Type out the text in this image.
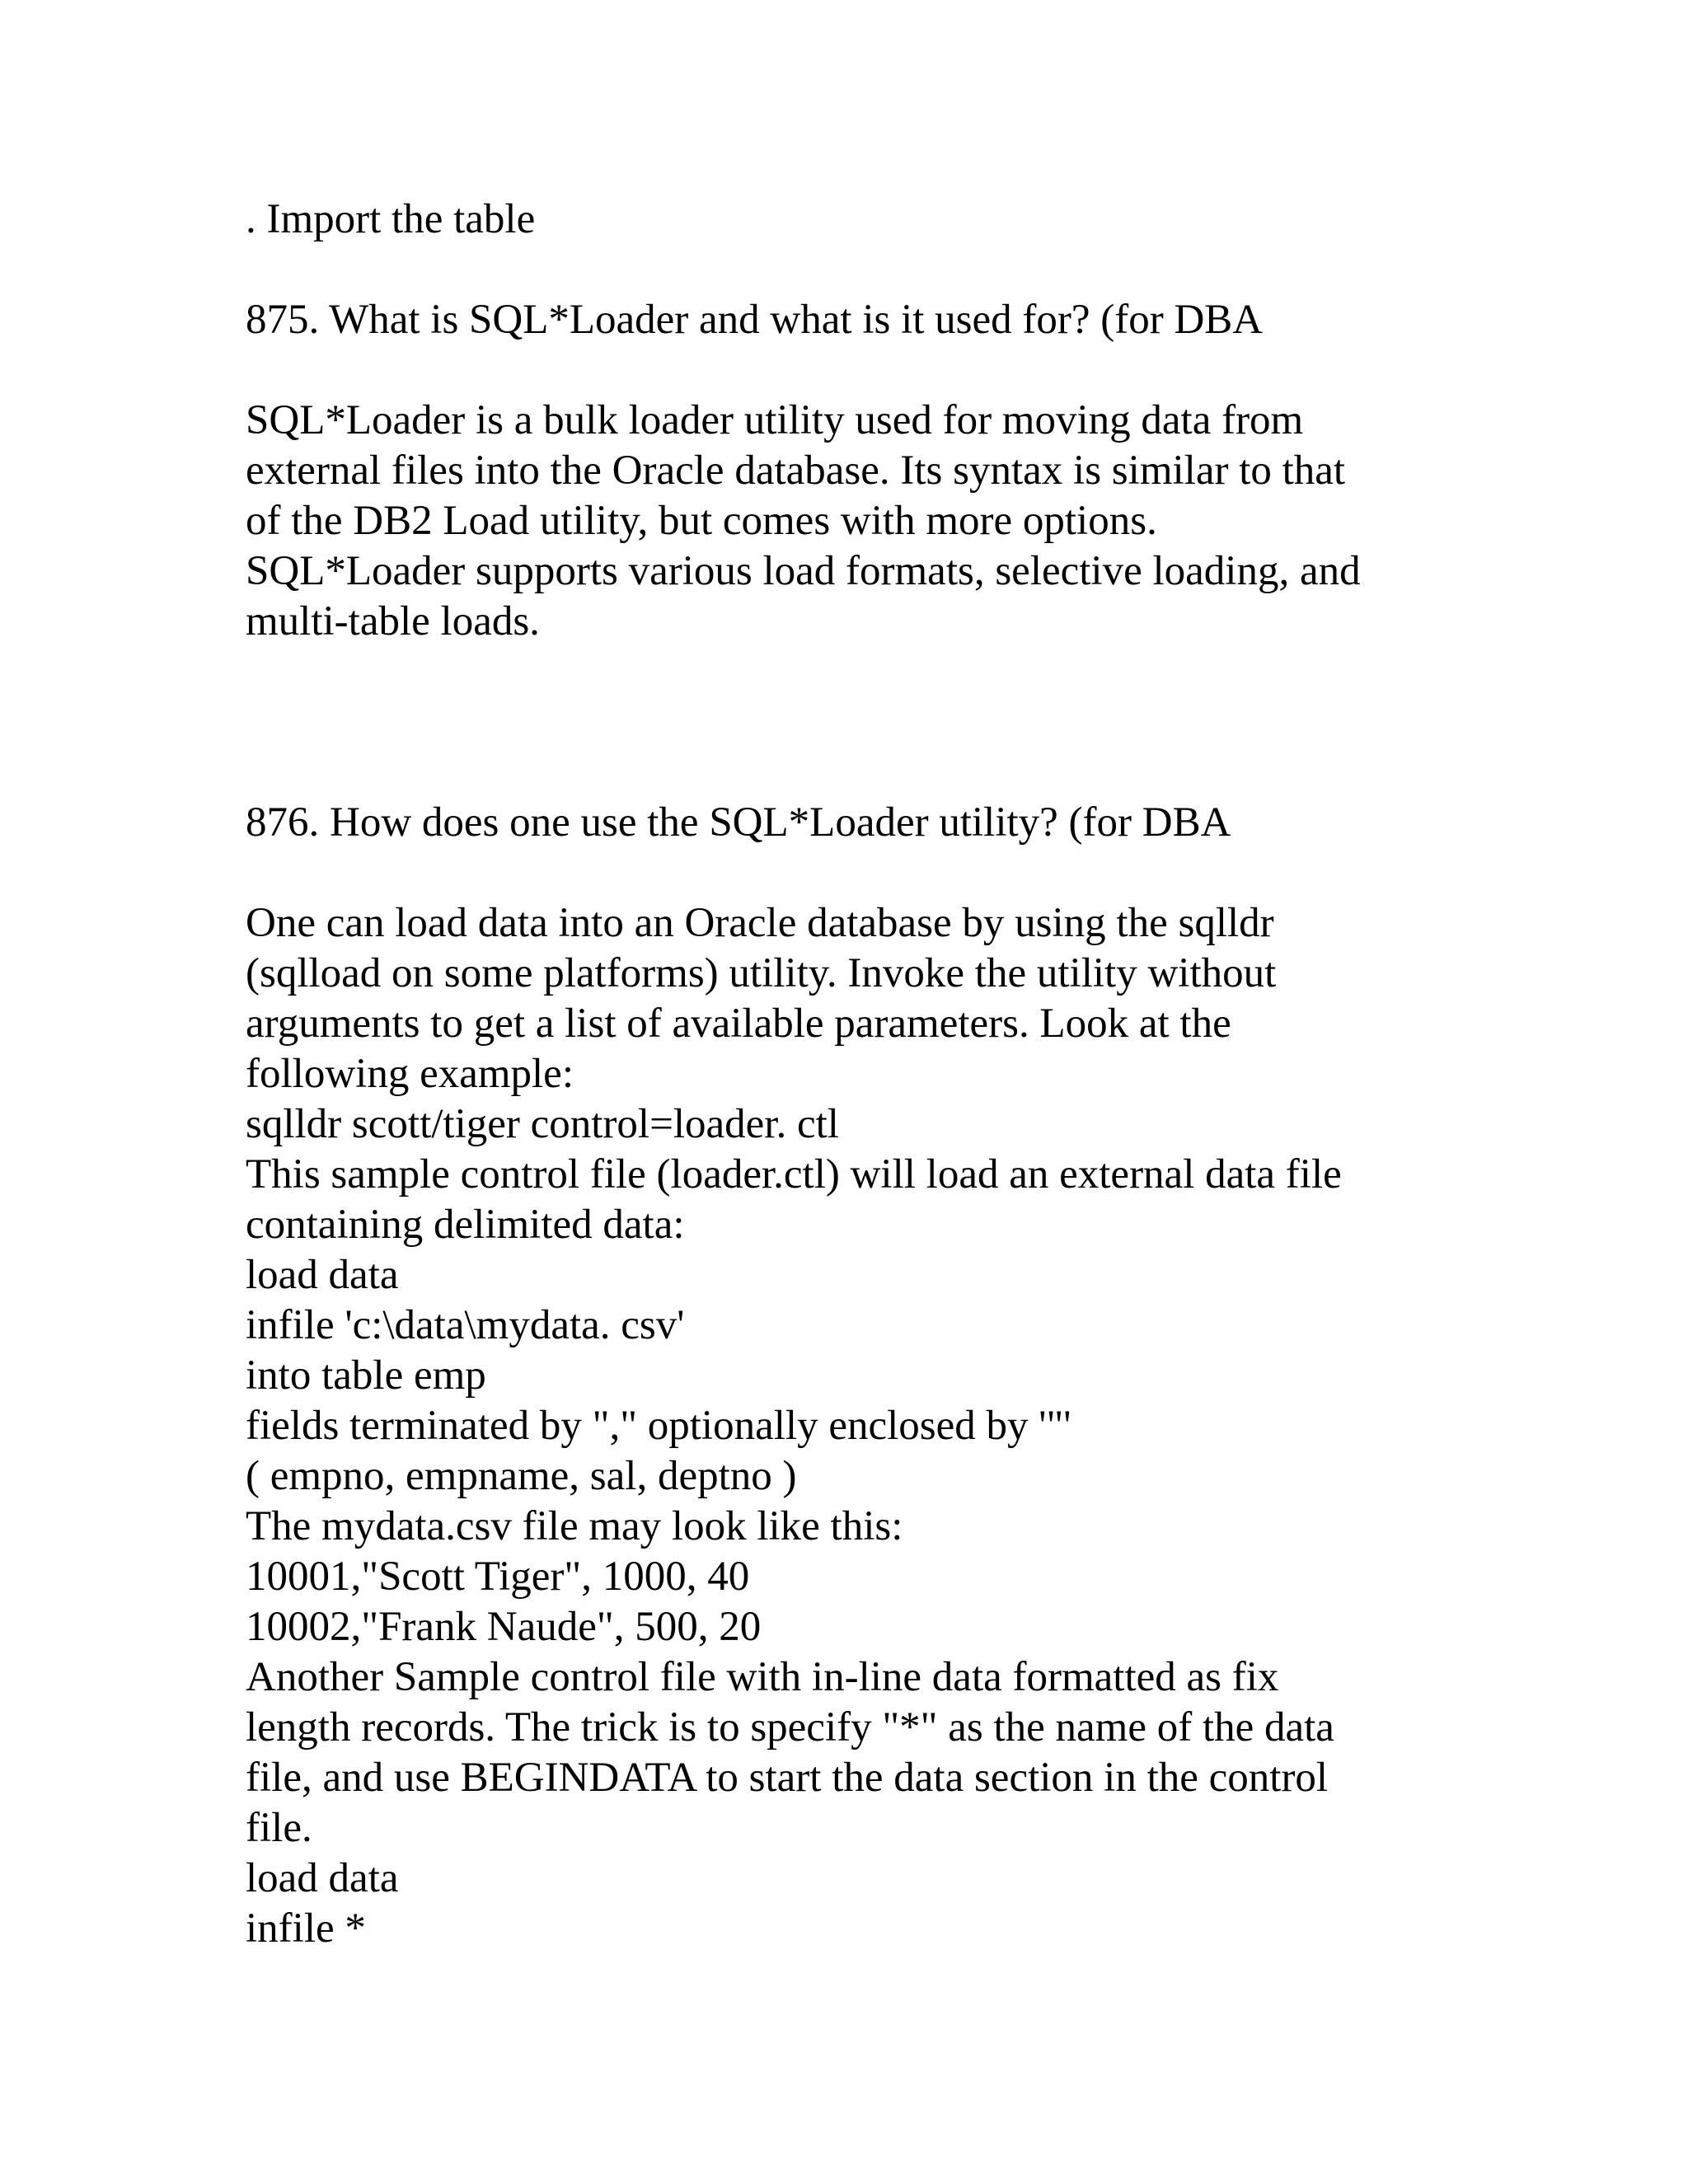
. Import the table

875. What is SQL*Loader and what is it used for? (for DBA

SQL*Loader is a bulk loader utility used for moving data from

external files into the Oracle database. Its syntax is similar to that

of the DB2 Load utility, but comes with more options.

SQL*Loader supports various load formats, selective loading, and

multi-table loads.

876. How does one use the SQL*Loader utility? (for DBA

One can load data into an Oracle database by using the sqlldr

(sqlload on some platforms) utility. Invoke the utility without

arguments to get a list of available parameters. Look at the

following example:

sqlldr scott/tiger control=loader. ctl

This sample control file (loader.ctl) will load an external data file

containing delimited data:

load data

infile 'c:\data\mydata. csv'

into table emp

fields terminated by "," optionally enclosed by '"'

( empno, empname, sal, deptno )

The mydata.csv file may look like this:

10001,"Scott Tiger", 1000, 40

10002,"Frank Naude", 500, 20

Another Sample control file with in-line data formatted as fix

length records. The trick is to specify "*" as the name of the data

file, and use BEGINDATA to start the data section in the control

file.

load data

infile *
